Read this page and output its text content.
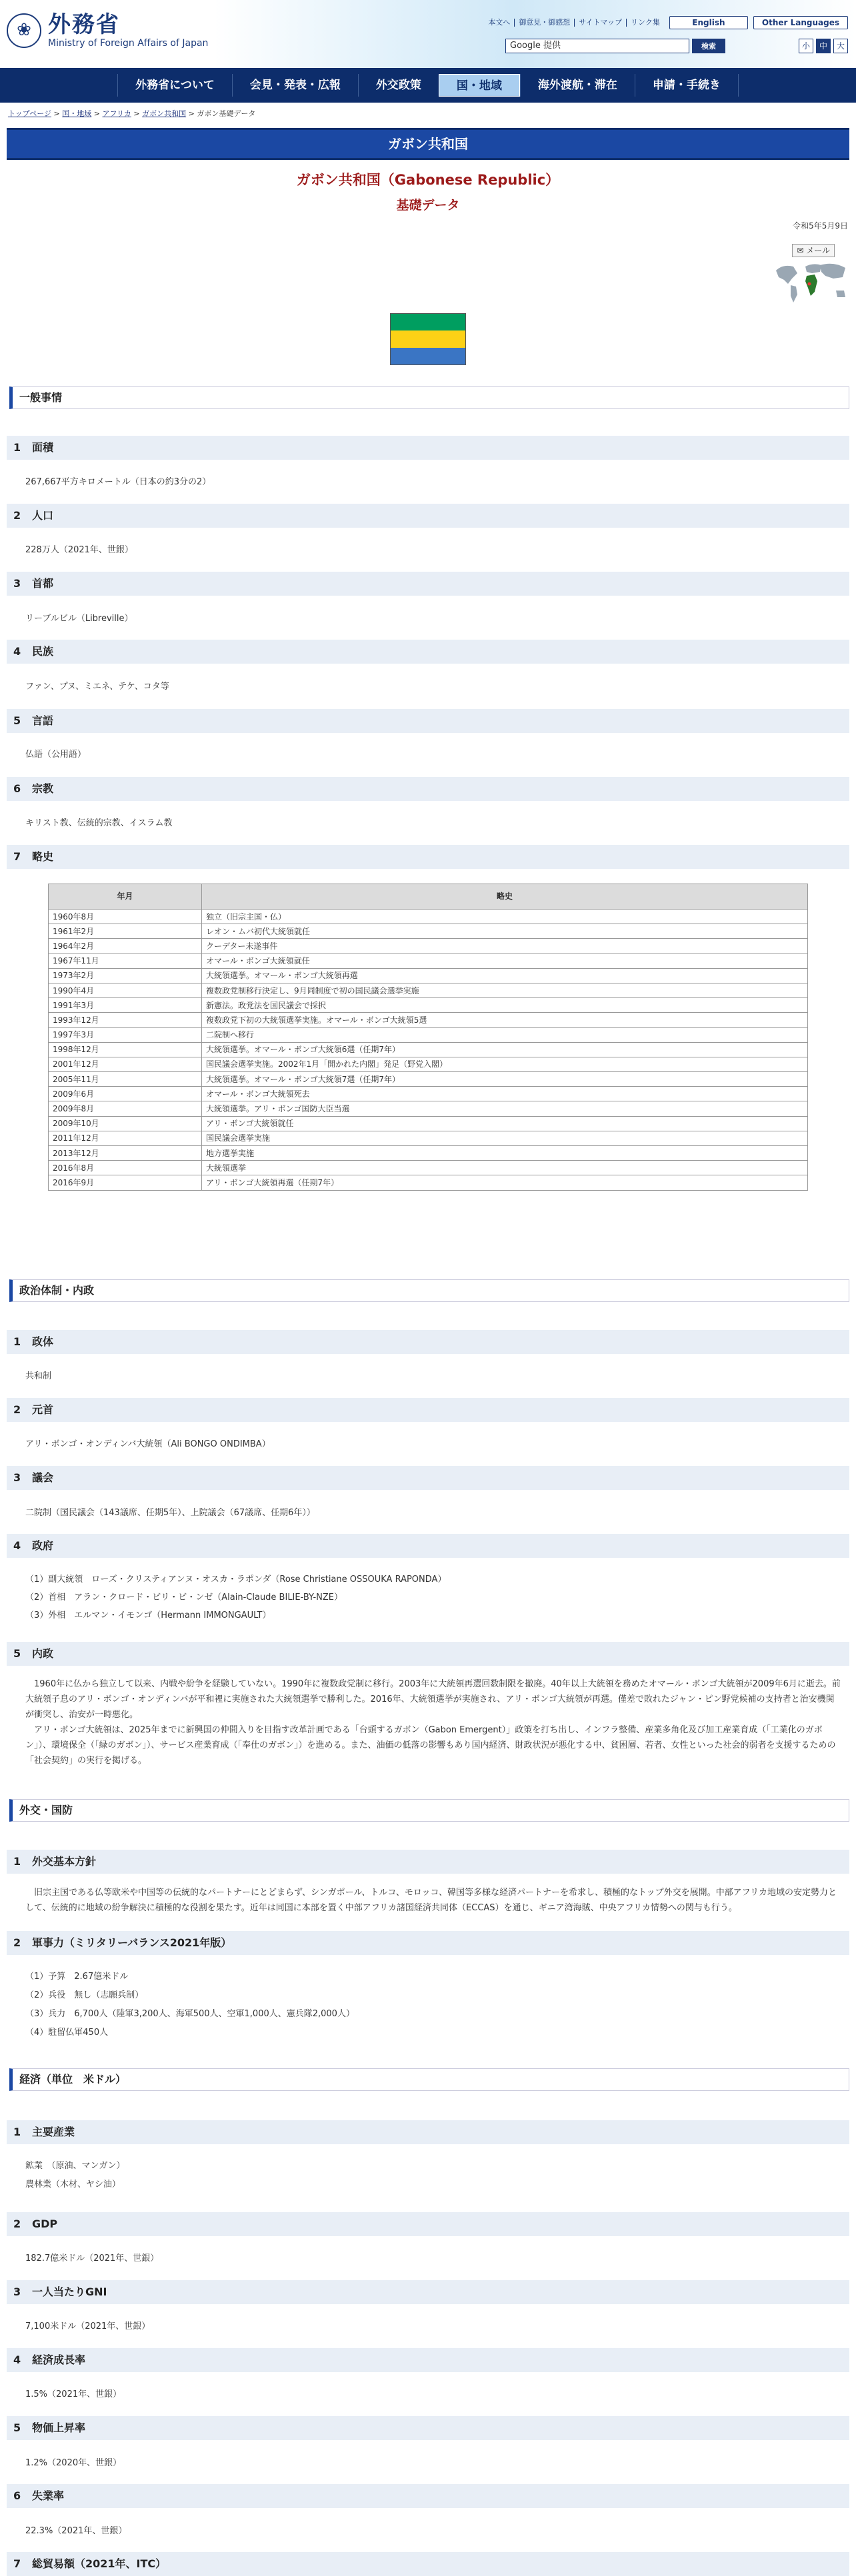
❀ 外務省
Ministry of Foreign Affairs of Japan
本文へ	御意見・御感想	サイトマップ	リンク集	English	Other Languages
Google 提供	検索	小	中	大
外務省について	会見・発表・広報	外交政策	国・地域	海外渡航・滞在	申請・手続き
トップページ > 国・地域 > アフリカ > ガボン共和国 > ガボン基礎データ
ガボン共和国
ガボン共和国（Gabonese Republic）
基礎データ
令和5年5月9日
✉ メール
一般事情
1 面積
267,667平方キロメートル（日本の約3分の2）
2 人口
228万人（2021年、世銀）
3 首都
リーブルビル（Libreville）
4 民族
ファン、プヌ、ミエネ、テケ、コタ等
5 言語
仏語（公用語）
6 宗教
キリスト教、伝統的宗教、イスラム教
7 略史
年月	略史
1960年8月	独立（旧宗主国・仏）
1961年2月	レオン・ムバ初代大統領就任
1964年2月	クーデター未遂事件
1967年11月	オマール・ボンゴ大統領就任
1973年2月	大統領選挙。オマール・ボンゴ大統領再選
1990年4月	複数政党制移行決定し、9月同制度で初の国民議会選挙実施
1991年3月	新憲法。政党法を国民議会で採択
1993年12月	複数政党下初の大統領選挙実施。オマール・ボンゴ大統領5選
1997年3月	二院制へ移行
1998年12月	大統領選挙。オマール・ボンゴ大統領6選（任期7年）
2001年12月	国民議会選挙実施。2002年1月「開かれた内閣」発足（野党入閣）
2005年11月	大統領選挙。オマール・ボンゴ大統領7選（任期7年）
2009年6月	オマール・ボンゴ大統領死去
2009年8月	大統領選挙。アリ・ボンゴ国防大臣当選
2009年10月	アリ・ボンゴ大統領就任
2011年12月	国民議会選挙実施
2013年12月	地方選挙実施
2016年8月	大統領選挙
2016年9月	アリ・ボンゴ大統領再選（任期7年）
政治体制・内政
1 政体
共和制
2 元首
アリ・ボンゴ・オンディンバ大統領（Ali BONGO ONDIMBA）
3 議会
二院制（国民議会（143議席、任期5年）、上院議会（67議席、任期6年））
4 政府
（1）副大統領　ローズ・クリスティアンヌ・オスカ・ラポンダ（Rose Christiane OSSOUKA RAPONDA）
（2）首相　アラン・クロード・ビリ・ビ・ンゼ（Alain-Claude BILIE-BY-NZE）
（3）外相　エルマン・イモンゴ（Hermann IMMONGAULT）
5 内政
　1960年に仏から独立して以来、内戦や紛争を経験していない。1990年に複数政党制に移行。2003年に大統領再選回数制限を撤廃。40年以上大統領を務めたオマール・ボンゴ大統領が2009年6月に逝去。前大統領子息のアリ・ボンゴ・オンディンバが平和裡に実施された大統領選挙で勝利した。2016年、大統領選挙が実施され、アリ・ボンゴ大統領が再選。僅差で敗れたジャン・ピン野党候補の支持者と治安機関が衝突し、治安が一時悪化。
　アリ・ボンゴ大統領は、2025年までに新興国の仲間入りを目指す改革計画である「台頭するガボン（Gabon Emergent）」政策を打ち出し、インフラ整備、産業多角化及び加工産業育成（「工業化のガボン」）、環境保全（「緑のガボン」）、サービス産業育成（「奉仕のガボン」）を進める。また、油価の低落の影響もあり国内経済、財政状況が悪化する中、貧困層、若者、女性といった社会的弱者を支援するための「社会契約」の実行を掲げる。
外交・国防
1 外交基本方針
　旧宗主国である仏等欧米や中国等の伝統的なパートナーにとどまらず、シンガポール、トルコ、モロッコ、韓国等多様な経済パートナーを希求し、積極的なトップ外交を展開。中部アフリカ地域の安定勢力として、伝統的に地域の紛争解決に積極的な役割を果たす。近年は同国に本部を置く中部アフリカ諸国経済共同体（ECCAS）を通じ、ギニア湾海賊、中央アフリカ情勢への関与も行う。
2 軍事力（ミリタリーバランス2021年版）
（1）予算　2.67億米ドル
（2）兵役　無し（志願兵制）
（3）兵力　6,700人（陸軍3,200人、海軍500人、空軍1,000人、憲兵隊2,000人）
（4）駐留仏軍450人
経済（単位　米ドル）
1 主要産業
鉱業　（原油、マンガン）
農林業（木材、ヤシ油）
2 GDP
182.7億米ドル（2021年、世銀）
3 一人当たりGNI
7,100米ドル（2021年、世銀）
4 経済成長率
1.5%（2021年、世銀）
5 物価上昇率
1.2%（2020年、世銀）
6 失業率
22.3%（2021年、世銀）
7 総貿易額（2021年、ITC）
